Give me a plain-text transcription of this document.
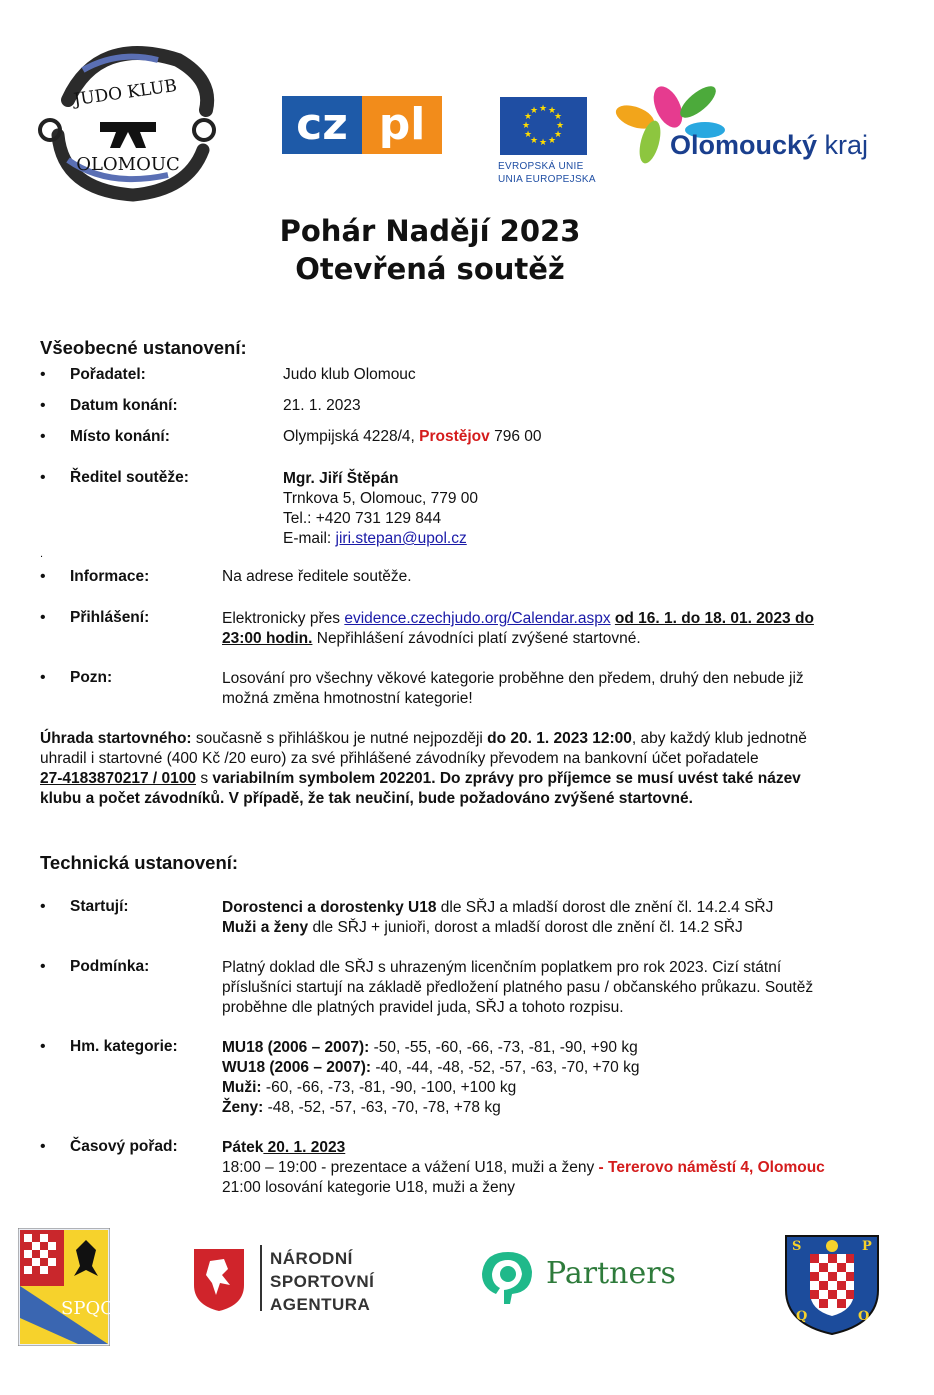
JUDO KLUB
OLOMOUC
cz pl	★ ★
★
★
★
★
★
★
★
★
★
★
EVROPSKÁ UNIE
UNIA EUROPEJSKA
Olomoucký kraj
Pohár Nadějí 2023
Otevřená soutěž
Všeobecné ustanovení:
• Pořadatel:	Judo klub Olomouc
• Datum konání:	21. 1. 2023
• Místo konání:	Olympijská 4228/4, Prostějov 796 00
• Ředitel soutěže:	Mgr. Jiří Štěpán
Trnkova 5, Olomouc, 779 00
Tel.: +420 731 129 844
E-mail: jiri.stepan@upol.cz
.
• Informace:	Na adrese ředitele soutěže.
• Přihlášení:	Elektronicky přes evidence.czechjudo.org/Calendar.aspx od 16. 1. do 18. 01. 2023 do
23:00 hodin. Nepřihlášení závodníci platí zvýšené startovné.
• Pozn:	Losování pro všechny věkové kategorie proběhne den předem, druhý den nebude již
možná změna hmotnostní kategorie!
Úhrada startovného: současně s přihláškou je nutné nejpozději do 20. 1. 2023 12:00, aby každý klub jednotně
uhradil i startovné (400 Kč /20 euro) za své přihlášené závodníky převodem na bankovní účet pořadatele
27-4183870217 / 0100 s variabilním symbolem 202201. Do zprávy pro příjemce se musí uvést také název
klubu a počet závodníků. V případě, že tak neučiní, bude požadováno zvýšené startovné.
Technická ustanovení:
• Startují:	Dorostenci a dorostenky U18 dle SŘJ a mladší dorost dle znění čl. 14.2.4 SŘJ
Muži a ženy dle SŘJ + junioři, dorost a mladší dorost dle znění čl. 14.2 SŘJ
• Podmínka:	Platný doklad dle SŘJ s uhrazeným licenčním poplatkem pro rok 2023. Cizí státní
příslušníci startují na základě předložení platného pasu / občanského průkazu. Soutěž
proběhne dle platných pravidel juda, SŘJ a tohoto rozpisu.
• Hm. kategorie:	MU18 (2006 – 2007): -50, -55, -60, -66, -73, -81, -90, +90 kg
WU18 (2006 – 2007): -40, -44, -48, -52, -57, -63, -70, +70 kg
Muži: -60, -66, -73, -81, -90, -100, +100 kg
Ženy: -48, -52, -57, -63, -70, -78, +78 kg
• Časový pořad:	Pátek 20. 1. 2023
18:00 – 19:00 - prezentace a vážení U18, muži a ženy - Tererovo náměstí 4, Olomouc
21:00 losování kategorie U18, muži a ženy
SPQO
NÁRODNÍ
SPORTOVNÍ
AGENTURA
Partners
S	P
Q	O
